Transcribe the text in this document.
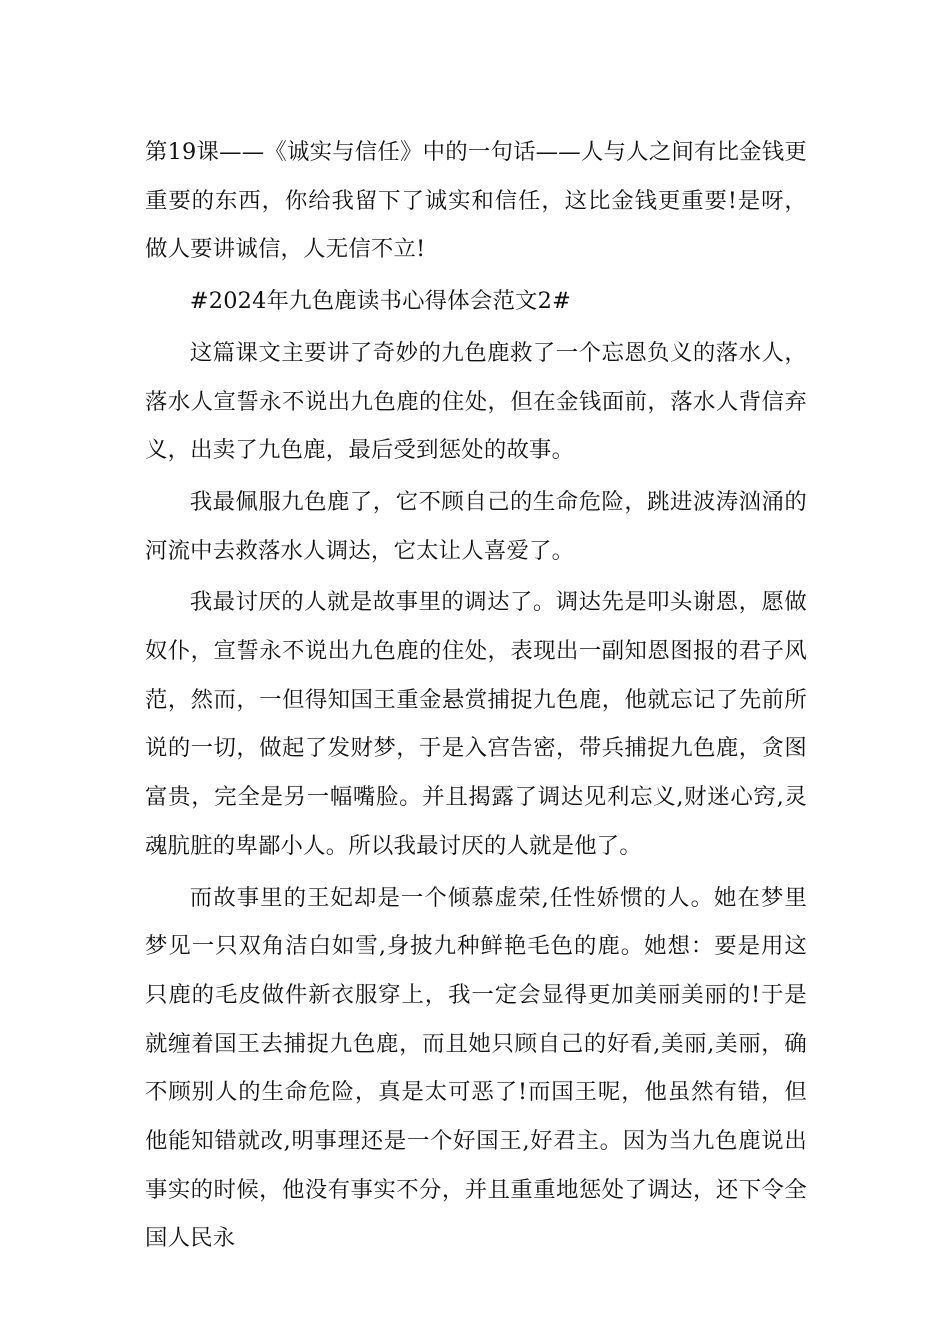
第19课——《诚实与信任》中的一句话——人与人之间有比金钱更重要的东西，你给我留下了诚实和信任，这比金钱更重要!是呀，做人要讲诚信，人无信不立!

#2024年九色鹿读书心得体会范文2#

这篇课文主要讲了奇妙的九色鹿救了一个忘恩负义的落水人，落水人宣誓永不说出九色鹿的住处，但在金钱面前，落水人背信弃义，出卖了九色鹿，最后受到惩处的故事。

我最佩服九色鹿了，它不顾自己的生命危险，跳进波涛汹涌的河流中去救落水人调达，它太让人喜爱了。

我最讨厌的人就是故事里的调达了。调达先是叩头谢恩，愿做奴仆，宣誓永不说出九色鹿的住处，表现出一副知恩图报的君子风范，然而，一但得知国王重金悬赏捕捉九色鹿，他就忘记了先前所说的一切，做起了发财梦，于是入宫告密，带兵捕捉九色鹿，贪图富贵，完全是另一幅嘴脸。并且揭露了调达见利忘义,财迷心窍,灵魂肮脏的卑鄙小人。所以我最讨厌的人就是他了。

而故事里的王妃却是一个倾慕虚荣,任性娇惯的人。她在梦里梦见一只双角洁白如雪,身披九种鲜艳毛色的鹿。她想：要是用这只鹿的毛皮做件新衣服穿上，我一定会显得更加美丽美丽的!于是就缠着国王去捕捉九色鹿，而且她只顾自己的好看,美丽,美丽，确不顾别人的生命危险，真是太可恶了!而国王呢，他虽然有错，但他能知错就改,明事理还是一个好国王,好君主。因为当九色鹿说出事实的时候，他没有事实不分，并且重重地惩处了调达，还下令全国人民永
